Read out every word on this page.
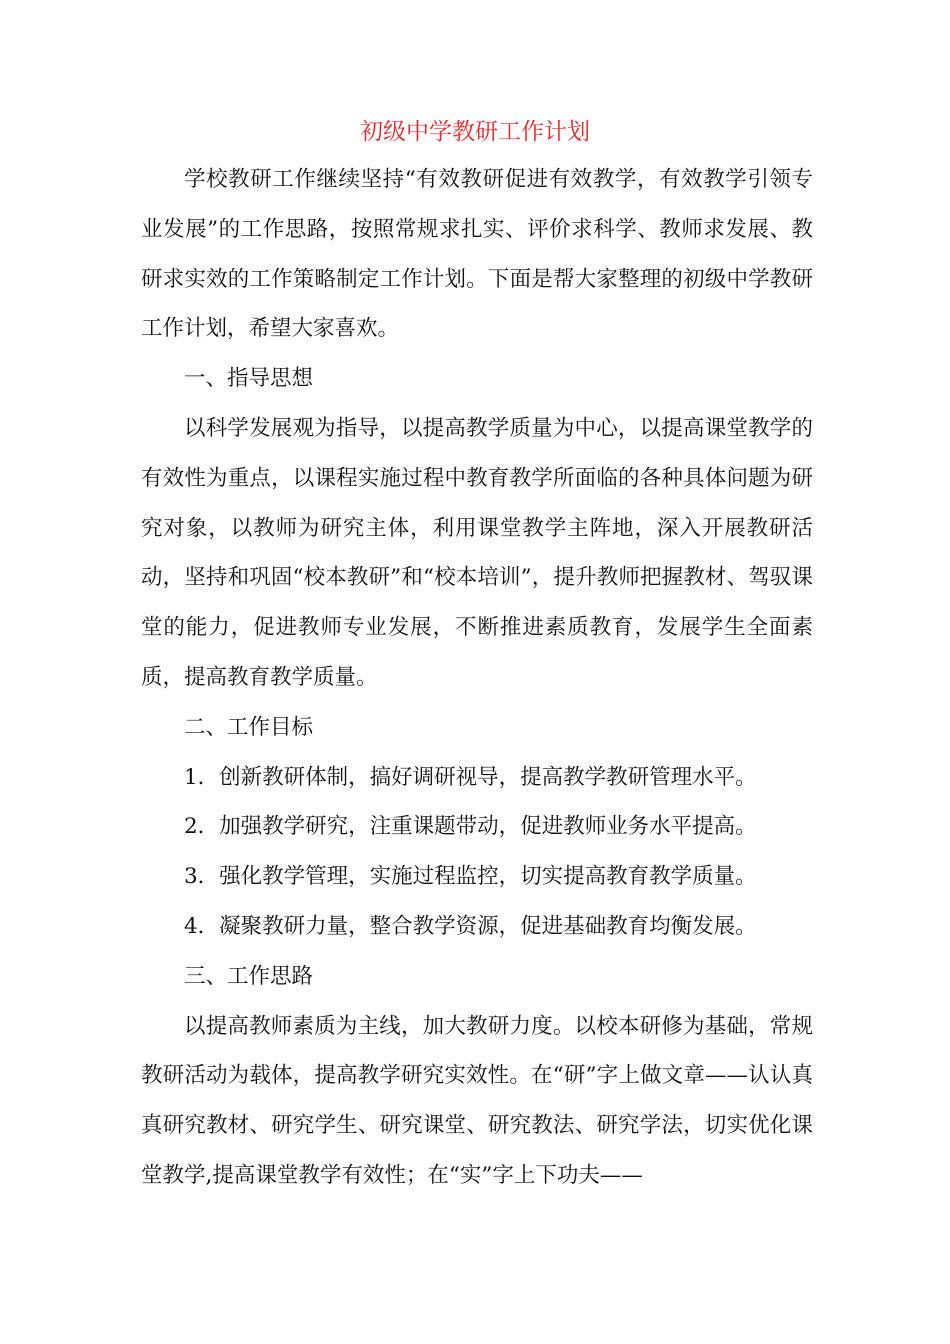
初级中学教研工作计划

学校教研工作继续坚持“有效教研促进有效教学，有效教学引领专业发展”的工作思路，按照常规求扎实、评价求科学、教师求发展、教研求实效的工作策略制定工作计划。下面是帮大家整理的初级中学教研工作计划，希望大家喜欢。

一、指导思想

以科学发展观为指导，以提高教学质量为中心，以提高课堂教学的有效性为重点，以课程实施过程中教育教学所面临的各种具体问题为研究对象，以教师为研究主体，利用课堂教学主阵地，深入开展教研活动，坚持和巩固“校本教研”和“校本培训”，提升教师把握教材、驾驭课堂的能力，促进教师专业发展，不断推进素质教育，发展学生全面素质，提高教育教学质量。

二、工作目标

1．创新教研体制，搞好调研视导，提高教学教研管理水平。

2．加强教学研究，注重课题带动，促进教师业务水平提高。

3．强化教学管理，实施过程监控，切实提高教育教学质量。

4．凝聚教研力量，整合教学资源，促进基础教育均衡发展。

三、工作思路

以提高教师素质为主线，加大教研力度。以校本研修为基础，常规教研活动为载体，提高教学研究实效性。在“研”字上做文章——认认真真研究教材、研究学生、研究课堂、研究教法、研究学法，切实优化课堂教学,提高课堂教学有效性；在“实”字上下功夫——
